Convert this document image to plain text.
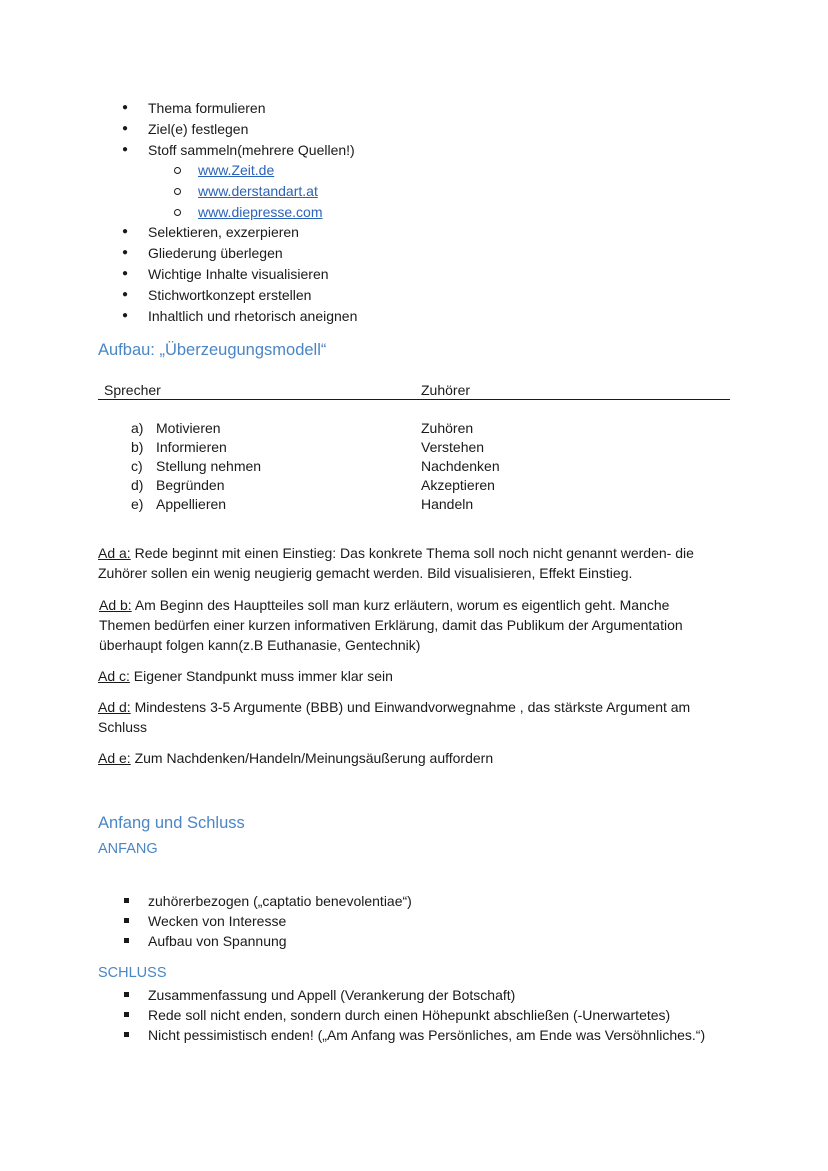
● Thema formulieren
● Ziel(e) festlegen
● Stoff sammeln(mehrere Quellen!)
www.Zeit.de
www.derstandart.at
www.diepresse.com
● Selektieren, exzerpieren
● Gliederung überlegen
● Wichtige Inhalte visualisieren
● Stichwortkonzept erstellen
● Inhaltlich und rhetorisch aneignen
Aufbau: „Überzeugungsmodell“
Sprecher	Zuhörer
a) Motivieren	Zuhören
b) Informieren	Verstehen
c) Stellung nehmen	Nachdenken
d) Begründen	Akzeptieren
e) Appellieren	Handeln
Ad a: Rede beginnt mit einen Einstieg: Das konkrete Thema soll noch nicht genannt werden- die
Zuhörer sollen ein wenig neugierig gemacht werden. Bild visualisieren, Effekt Einstieg.
Ad b: Am Beginn des Hauptteiles soll man kurz erläutern, worum es eigentlich geht. Manche
Themen bedürfen einer kurzen informativen Erklärung, damit das Publikum der Argumentation
überhaupt folgen kann(z.B Euthanasie, Gentechnik)
Ad c: Eigener Standpunkt muss immer klar sein
Ad d: Mindestens 3-5 Argumente (BBB) und Einwandvorwegnahme , das stärkste Argument am
Schluss
Ad e: Zum Nachdenken/Handeln/Meinungsäußerung auffordern
Anfang und Schluss
ANFANG
zuhörerbezogen („captatio benevolentiae“)
Wecken von Interesse
Aufbau von Spannung
SCHLUSS
Zusammenfassung und Appell (Verankerung der Botschaft)
Rede soll nicht enden, sondern durch einen Höhepunkt abschließen (-Unerwartetes)
Nicht pessimistisch enden! („Am Anfang was Persönliches, am Ende was Versöhnliches.“)
